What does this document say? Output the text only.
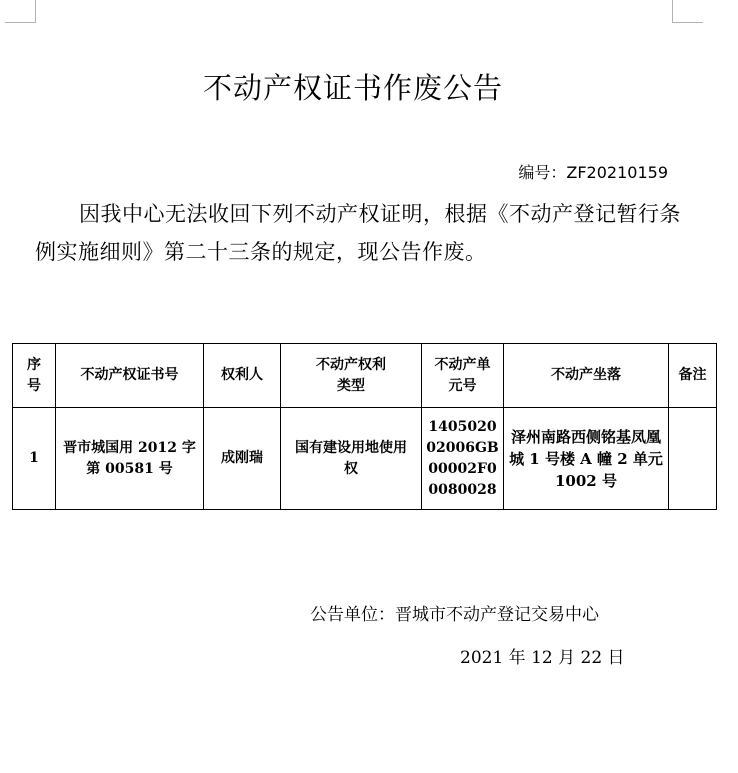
不动产权证书作废公告
编号：ZF20210159
因我中心无法收回下列不动产权证明，根据《不动产登记暂行条例实施细则》第二十三条的规定，现公告作废。
序号	不动产权证书号	权利人	不动产权利类型	不动产单元号	不动产坐落	备注
1	晋市城国用 2012 字第 00581 号	成刚瑞	国有建设用地使用权	140502002006GB00002F00080028	泽州南路西侧铭基凤凰城 1 号楼 A 幢 2 单元 1002 号	
公告单位：晋城市不动产登记交易中心
2021 年 12 月 22 日
